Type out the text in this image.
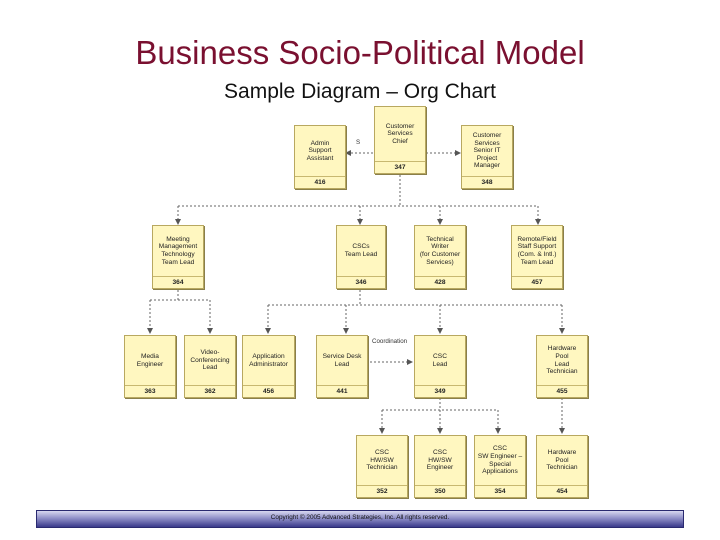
Business Socio-Political Model
Sample Diagram – Org Chart
S
Coordination
Customer
Services
Chief
347
Admin
Support
Assistant
416
Customer
Services
Senior IT
Project
Manager
348
Meeting
Management
Technology
Team Lead
364
CSCs
Team Lead
346
Technical
Writer
(for Customer
Services)
428
Remote/Field
Staff Support
(Com. & Intl.)
Team Lead
457
Media
Engineer
363
Video-
Conferencing
Lead
362
Application
Administrator
456
Service Desk
Lead
441
CSC
Lead
349
Hardware
Pool
Lead
Technician
455
CSC
HW/SW
Technician
352
CSC
HW/SW
Engineer
350
CSC
SW Engineer –
Special
Applications
354
Hardware
Pool
Technician
454
Copyright © 2005 Advanced Strategies, Inc. All rights reserved.
